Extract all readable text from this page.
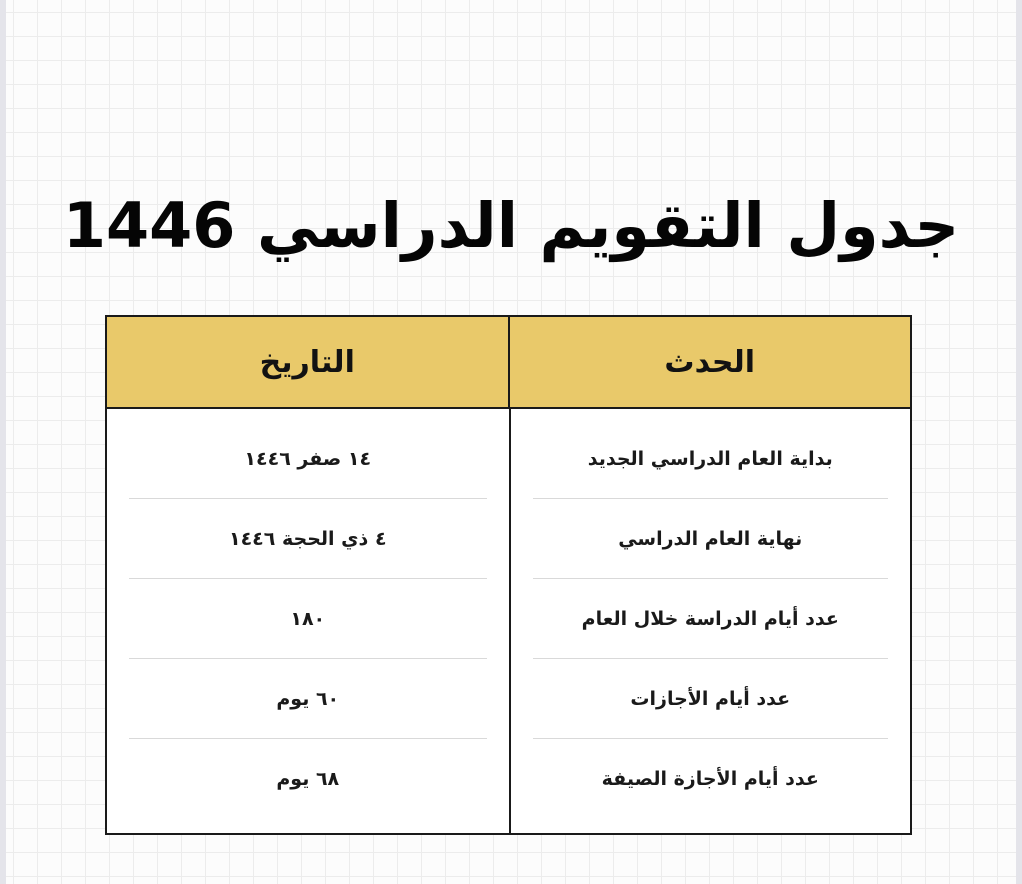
جدول التقويم الدراسي 1446
الحدث
التاريخ
بداية العام الدراسي الجديد
نهاية العام الدراسي
عدد أيام الدراسة خلال العام
عدد أيام الأجازات
عدد أيام الأجازة الصيفة
١٤ صفر ١٤٤٦
٤ ذي الحجة ١٤٤٦
١٨٠
٦٠ يوم
٦٨ يوم
